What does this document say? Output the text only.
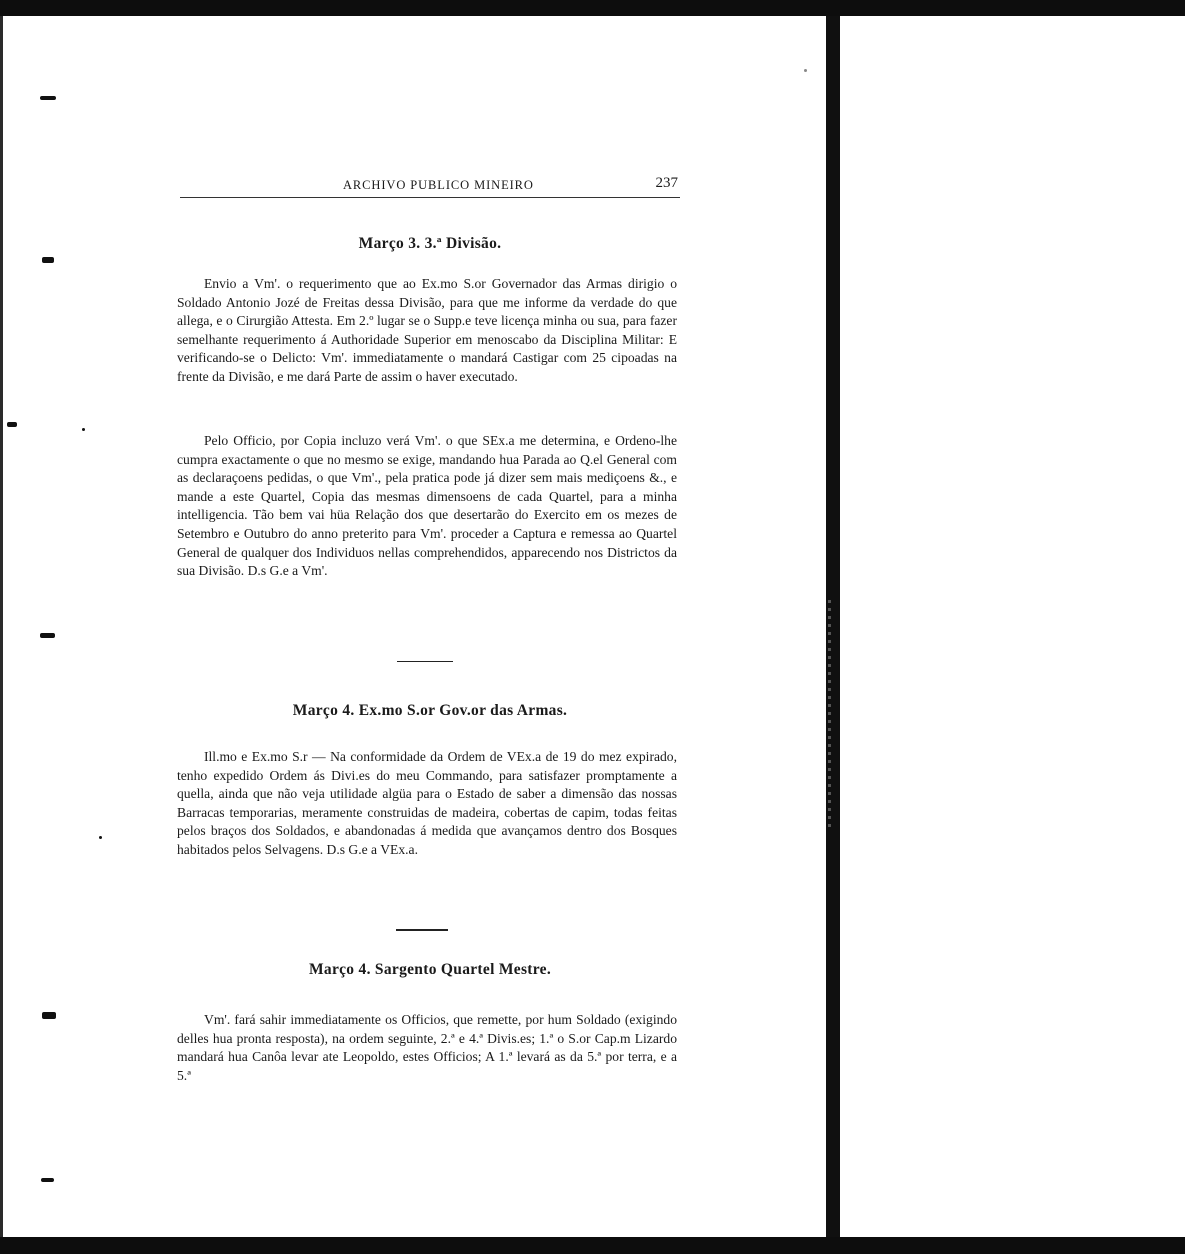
ARCHIVO PUBLICO MINEIRO	237
Março 3. 3.ª Divisão.

Envio a Vm'. o requerimento que ao Ex.mo S.or Governador das Armas dirigio o Soldado Antonio Jozé de Freitas dessa Divisão, para que me informe da verdade do que allega, e o Cirurgião Attesta. Em 2.º lugar se o Supp.e teve licença minha ou sua, para fazer semelhante requerimento á Authoridade Superior em menoscabo da Disciplina Militar: E verificando-se o Delicto: Vm'. immediatamente o mandará Castigar com 25 cipoadas na frente da Divisão, e me dará Parte de assim o haver executado.

Pelo Officio, por Copia incluzo verá Vm'. o que SEx.a me determina, e Ordeno-lhe cumpra exactamente o que no mesmo se exige, mandando hua Parada ao Q.el General com as declaraçoens pedidas, o que Vm'., pela pratica pode já dizer sem mais mediçoens &., e mande a este Quartel, Copia das mesmas dimensoens de cada Quartel, para a minha intelligencia. Tão bem vai hüa Relação dos que desertarão do Exercito em os mezes de Setembro e Outubro do anno preterito para Vm'. proceder a Captura e remessa ao Quartel General de qualquer dos Individuos nellas comprehendidos, apparecendo nos Districtos da sua Divisão. D.s G.e a Vm'.

Março 4. Ex.mo S.or Gov.or das Armas.

Ill.mo e Ex.mo S.r — Na conformidade da Ordem de VEx.a de 19 do mez expirado, tenho expedido Ordem ás Divi.es do meu Commando, para satisfazer promptamente a quella, ainda que não veja utilidade algüa para o Estado de saber a dimensão das nossas Barracas temporarias, meramente construidas de madeira, cobertas de capim, todas feitas pelos braços dos Soldados, e abandonadas á medida que avançamos dentro dos Bosques habitados pelos Selvagens. D.s G.e a VEx.a.

Março 4. Sargento Quartel Mestre.

Vm'. fará sahir immediatamente os Officios, que remette, por hum Soldado (exigindo delles hua pronta resposta), na ordem seguinte, 2.ª e 4.ª Divis.es; 1.ª o S.or Cap.m Lizardo mandará hua Canôa levar ate Leopoldo, estes Officios; A 1.ª levará as da 5.ª por terra, e a 5.ª
